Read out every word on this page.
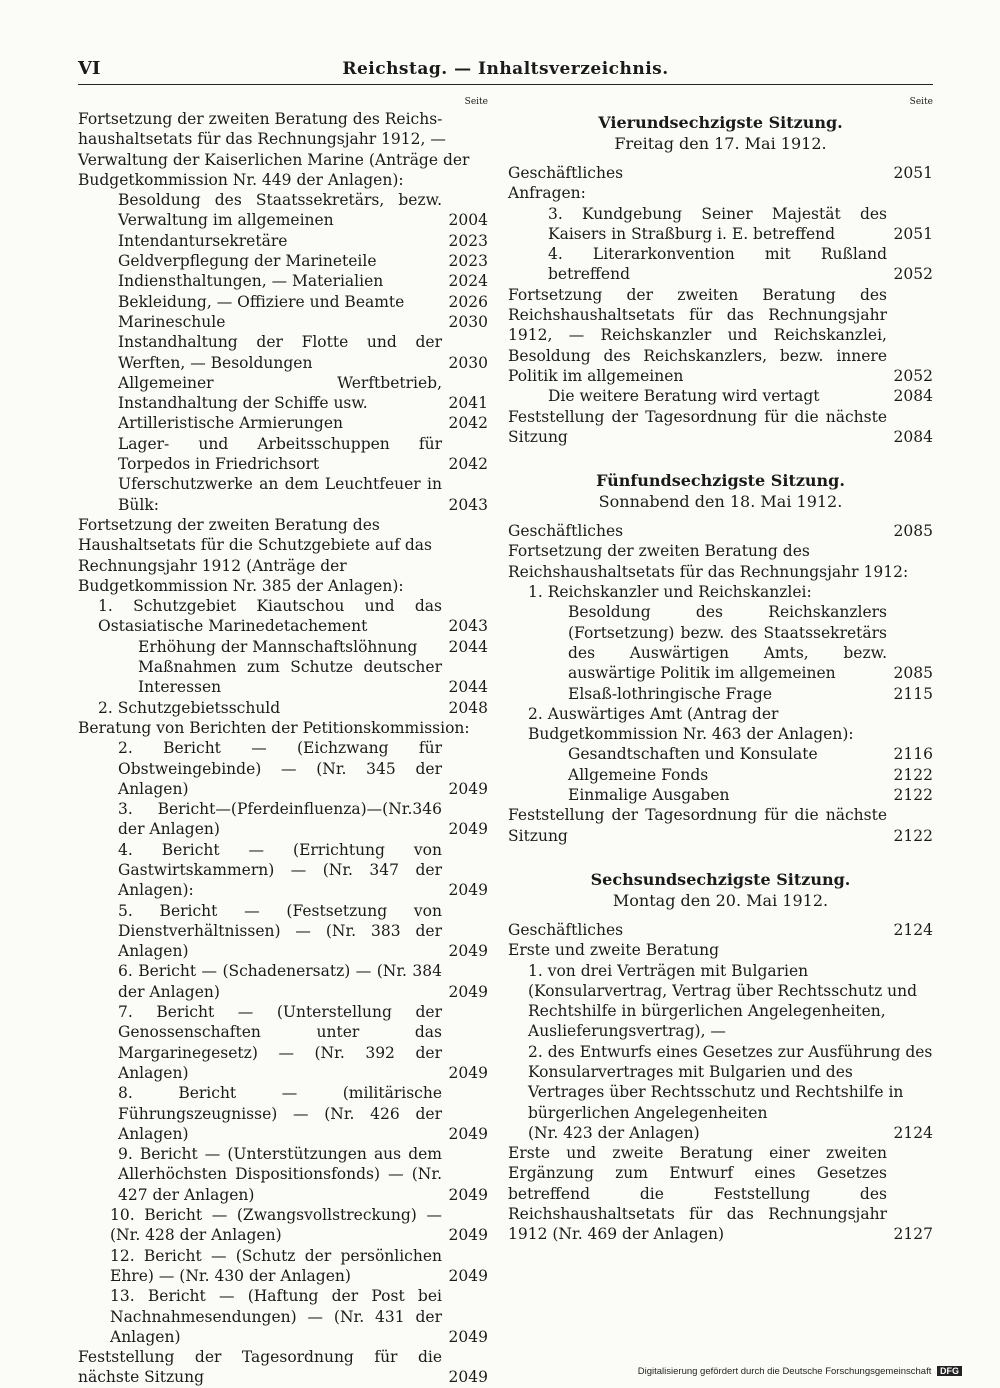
VI	Reichstag. — Inhaltsverzeichnis.
Seite
Fortsetzung der zweiten Beratung des Reichs-haushaltsetats für das Rechnungsjahr 1912, — Verwaltung der Kaiserlichen Marine (Anträge der Budgetkommission Nr. 449 der Anlagen):
Besoldung des Staatssekretärs, bezw. Verwaltung im allgemeinen	2004
Intendantursekretäre	2023
Geldverpflegung der Marineteile	2023
Indiensthaltungen, — Materialien	2024
Bekleidung, — Offiziere und Beamte	2026
Marineschule	2030
Instandhaltung der Flotte und der Werften, — Besoldungen	2030
Allgemeiner Werftbetrieb, Instandhaltung der Schiffe usw.	2041
Artilleristische Armierungen	2042
Lager- und Arbeitsschuppen für Torpedos in Friedrichsort	2042
Uferschutzwerke an dem Leuchtfeuer in Bülk:	2043
Fortsetzung der zweiten Beratung des Haushaltsetats für die Schutzgebiete auf das Rechnungsjahr 1912 (Anträge der Budgetkommission Nr. 385 der Anlagen):
1. Schutzgebiet Kiautschou und das Ostasiatische Marinedetachement	2043
Erhöhung der Mannschaftslöhnung	2044
Maßnahmen zum Schutze deutscher Interessen	2044
2. Schutzgebietsschuld	2048
Beratung von Berichten der Petitionskommission:
2. Bericht — (Eichzwang für Obstweingebinde) — (Nr. 345 der Anlagen)	2049
3. Bericht—(Pferdeinfluenza)—(Nr.346 der Anlagen)	2049
4. Bericht — (Errichtung von Gastwirtskammern) — (Nr. 347 der Anlagen):	2049
5. Bericht — (Festsetzung von Dienstverhältnissen) — (Nr. 383 der Anlagen)	2049
6. Bericht — (Schadenersatz) — (Nr. 384 der Anlagen)	2049
7. Bericht — (Unterstellung der Genossenschaften unter das Margarinegesetz) — (Nr. 392 der Anlagen)	2049
8. Bericht — (militärische Führungszeugnisse) — (Nr. 426 der Anlagen)	2049
9. Bericht — (Unterstützungen aus dem Allerhöchsten Dispositionsfonds) — (Nr. 427 der Anlagen)	2049
10. Bericht — (Zwangsvollstreckung) — (Nr. 428 der Anlagen)	2049
12. Bericht — (Schutz der persönlichen Ehre) — (Nr. 430 der Anlagen)	2049
13. Bericht — (Haftung der Post bei Nachnahmesendungen) — (Nr. 431 der Anlagen)	2049
Feststellung der Tagesordnung für die nächste Sitzung	2049
Seite
Vierundsechzigste Sitzung.
Freitag den 17. Mai 1912.
Geschäftliches	2051
Anfragen:
3. Kundgebung Seiner Majestät des Kaisers in Straßburg i. E. betreffend	2051
4. Literarkonvention mit Rußland betreffend	2052
Fortsetzung der zweiten Beratung des Reichshaushaltsetats für das Rechnungsjahr 1912, — Reichskanzler und Reichskanzlei, Besoldung des Reichskanzlers, bezw. innere Politik im allgemeinen	2052
Die weitere Beratung wird vertagt	2084
Feststellung der Tagesordnung für die nächste Sitzung	2084
Fünfundsechzigste Sitzung.
Sonnabend den 18. Mai 1912.
Geschäftliches	2085
Fortsetzung der zweiten Beratung des Reichshaushaltsetats für das Rechnungsjahr 1912:
1. Reichskanzler und Reichskanzlei:
Besoldung des Reichskanzlers (Fortsetzung) bezw. des Staatssekretärs des Auswärtigen Amts, bezw. auswärtige Politik im allgemeinen	2085
Elsaß-lothringische Frage	2115
2. Auswärtiges Amt (Antrag der Budgetkommission Nr. 463 der Anlagen):
Gesandtschaften und Konsulate	2116
Allgemeine Fonds	2122
Einmalige Ausgaben	2122
Feststellung der Tagesordnung für die nächste Sitzung	2122
Sechsundsechzigste Sitzung.
Montag den 20. Mai 1912.
Geschäftliches	2124
Erste und zweite Beratung
1. von drei Verträgen mit Bulgarien (Konsularvertrag, Vertrag über Rechtsschutz und Rechtshilfe in bürgerlichen Angelegenheiten, Auslieferungsvertrag), —
2. des Entwurfs eines Gesetzes zur Ausführung des Konsularvertrages mit Bulgarien und des Vertrages über Rechtsschutz und Rechtshilfe in bürgerlichen Angelegenheiten
(Nr. 423 der Anlagen)	2124
Erste und zweite Beratung einer zweiten Ergänzung zum Entwurf eines Gesetzes betreffend die Feststellung des Reichshaushaltsetats für das Rechnungsjahr 1912 (Nr. 469 der Anlagen)	2127
Digitalisierung gefördert durch die Deutsche Forschungsgemeinschaft DFG
